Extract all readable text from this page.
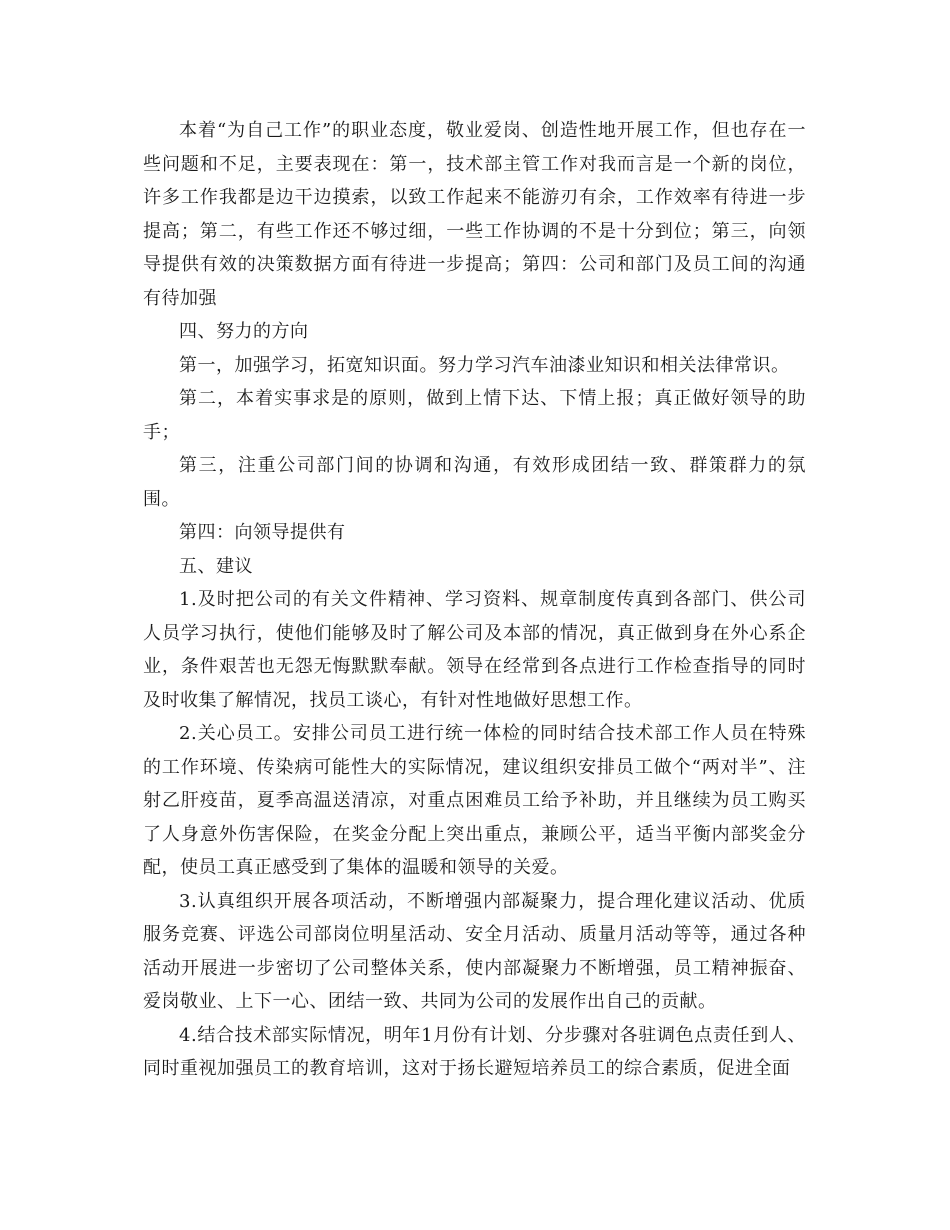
本着“为自己工作”的职业态度，敬业爱岗、创造性地开展工作，但也存在一些问题和不足，主要表现在：第一，技术部主管工作对我而言是一个新的岗位，许多工作我都是边干边摸索，以致工作起来不能游刃有余，工作效率有待进一步提高；第二，有些工作还不够过细，一些工作协调的不是十分到位；第三，向领导提供有效的决策数据方面有待进一步提高；第四：公司和部门及员工间的沟通有待加强

四、努力的方向

第一，加强学习，拓宽知识面。努力学习汽车油漆业知识和相关法律常识。

第二，本着实事求是的原则，做到上情下达、下情上报；真正做好领导的助手；

第三，注重公司部门间的协调和沟通，有效形成团结一致、群策群力的氛围。

第四：向领导提供有

五、建议

1.及时把公司的有关文件精神、学习资料、规章制度传真到各部门、供公司人员学习执行，使他们能够及时了解公司及本部的情况，真正做到身在外心系企业，条件艰苦也无怨无悔默默奉献。领导在经常到各点进行工作检查指导的同时及时收集了解情况，找员工谈心，有针对性地做好思想工作。

2.关心员工。安排公司员工进行统一体检的同时结合技术部工作人员在特殊的工作环境、传染病可能性大的实际情况，建议组织安排员工做个“两对半”、注射乙肝疫苗，夏季高温送清凉，对重点困难员工给予补助，并且继续为员工购买了人身意外伤害保险，在奖金分配上突出重点，兼顾公平，适当平衡内部奖金分配，使员工真正感受到了集体的温暖和领导的关爱。

3.认真组织开展各项活动，不断增强内部凝聚力，提合理化建议活动、优质服务竞赛、评选公司部岗位明星活动、安全月活动、质量月活动等等，通过各种活动开展进一步密切了公司整体关系，使内部凝聚力不断增强，员工精神振奋、爱岗敬业、上下一心、团结一致、共同为公司的发展作出自己的贡献。

4.结合技术部实际情况，明年1月份有计划、分步骤对各驻调色点责任到人、同时重视加强员工的教育培训，这对于扬长避短培养员工的综合素质，促进全面
